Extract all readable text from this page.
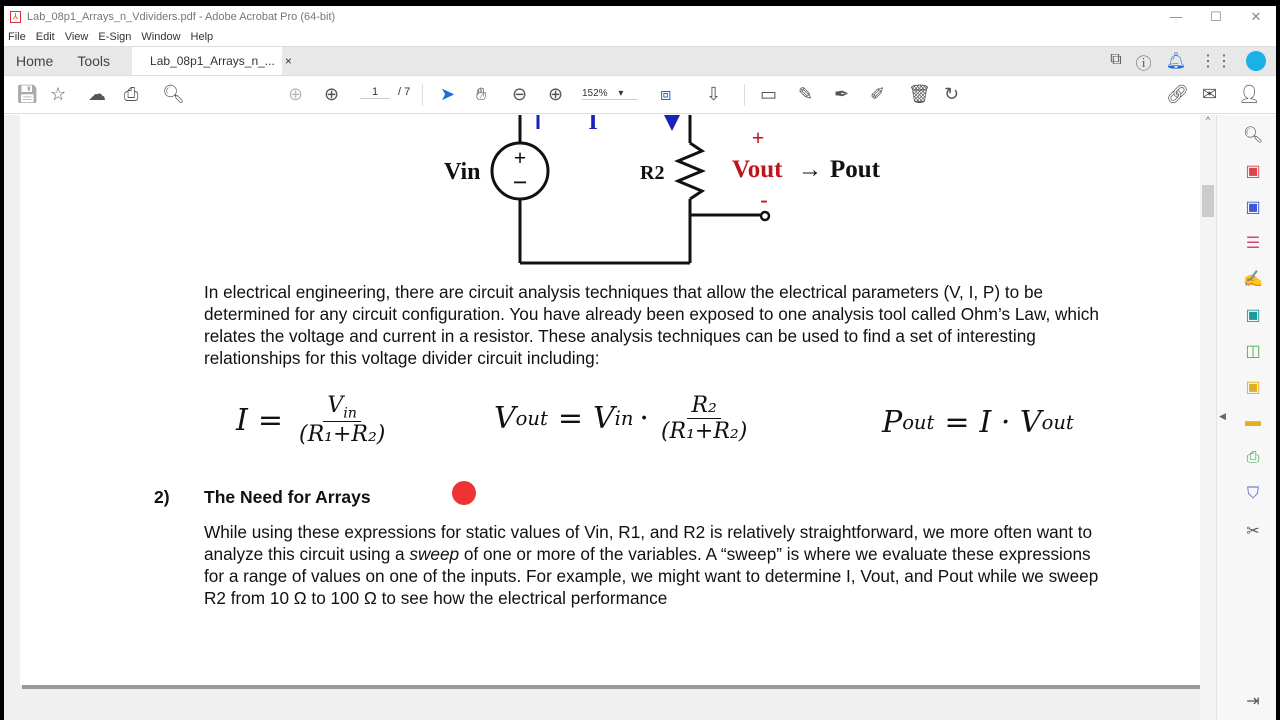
⅄ Lab_08p1_Arrays_n_Vdividers.pdf - Adobe Acrobat Pro (64-bit)	—	☐	✕
File Edit View E-Sign Window Help
Home	Tools	Lab_08p1_Arrays_n_... ×	⧉ ⓘ 🔔︎ ⋮⋮
💾︎ ☆ ☁ ⎙ 🔍︎	⊕ ⊕	1	/ 7 ➤ ✋︎ ⊖ ⊕ 152% ▾	⧈ ⇩ ▭ ✎ ✒ ✐ 🗑︎ ↻	🔗︎ ✉ 👤︎
+
−
I
Vin	R2
+
-
Vout → Pout
In electrical engineering, there are circuit analysis techniques that allow the electrical parameters (V, I, P) to be determined for any circuit configuration. You have already been exposed to one analysis tool called Ohm’s Law, which relates the voltage and current in a resistor. These analysis techniques can be used to find a set of interesting relationships for this voltage divider circuit including:
$I = \frac{V_{in}}{\text{(R₁+R₂)}}$	V out = V in · $\frac{\text{R₂}}{\text{(R₁+R₂)}}$	P out = I · V out
2) The Need for Arrays
While using these expressions for static values of Vin, R1, and R2 is relatively straightforward, we more often want to analyze this circuit using a sweep of one or more of the variables. A “sweep” is where we evaluate these expressions for a range of values on one of the inputs. For example, we might want to determine I, Vout, and Pout while we sweep R2 from 10 Ω to 100 Ω to see how the electrical performance
^
◀
🔍︎
▣
▣
☰
✍
▣
◫
▣
▬
⎙
⛉
✂
⇥
